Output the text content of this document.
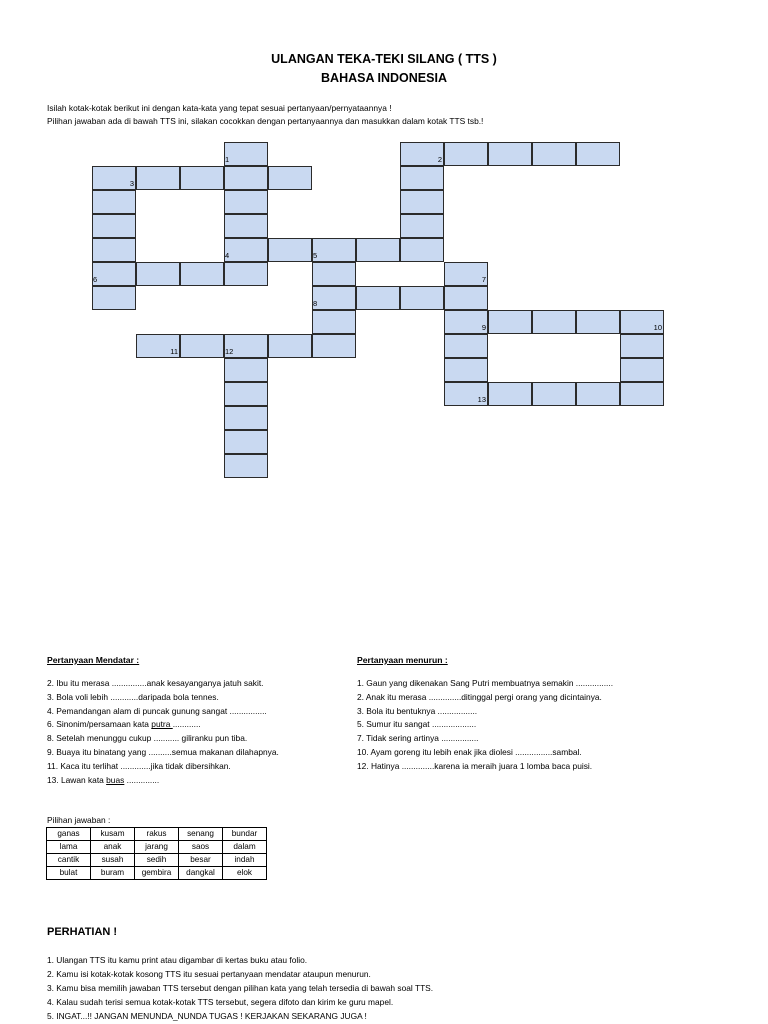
ULANGAN TEKA-TEKI SILANG ( TTS )
BAHASA INDONESIA
Isilah kotak-kotak berikut ini dengan kata-kata yang tepat sesuai pertanyaan/pernyataannya !
Pilihan jawaban ada di bawah TTS ini, silakan cocokkan dengan pertanyaannya dan masukkan dalam kotak TTS tsb.!
1	2
3
4	5
6	7
8
9	10
11	12
13
Pertanyaan Mendatar :	Pertanyaan menurun :
2. Ibu itu merasa ...............anak kesayanganya jatuh sakit.
3. Bola voli lebih ............daripada bola tennes.
4. Pemandangan alam di puncak gunung sangat ................
6. Sinonim/persamaan kata putra ............
8. Setelah menunggu cukup ........... giliranku pun tiba.
9. Buaya itu binatang yang ..........semua makanan dilahapnya.
11. Kaca itu terlihat .............jika tidak dibersihkan.
13. Lawan kata buas ..............
1. Gaun yang dikenakan Sang Putri membuatnya semakin ................
2. Anak itu merasa ..............ditinggal pergi orang yang dicintainya.
3. Bola itu bentuknya .................
5. Sumur itu sangat ...................
7. Tidak sering artinya ................
10. Ayam goreng itu lebih enak jika diolesi ................sambal.
12. Hatinya ..............karena ia meraih juara 1 lomba baca puisi.
Pilihan jawaban :
ganas	kusam	rakus	senang	bundar
lama	anak	jarang	saos	dalam
cantik	susah	sedih	besar	indah
bulat	buram	gembira	dangkal	elok
PERHATIAN !
1. Ulangan TTS itu kamu print atau digambar di kertas buku atau folio.
2. Kamu isi kotak-kotak kosong TTS itu sesuai pertanyaan mendatar ataupun menurun.
3. Kamu bisa memilih jawaban TTS tersebut dengan pilihan kata yang telah tersedia di bawah soal TTS.
4. Kalau sudah terisi semua kotak-kotak TTS tersebut, segera difoto dan kirim ke guru mapel.
5. INGAT...!! JANGAN MENUNDA_NUNDA TUGAS ! KERJAKAN SEKARANG JUGA !
